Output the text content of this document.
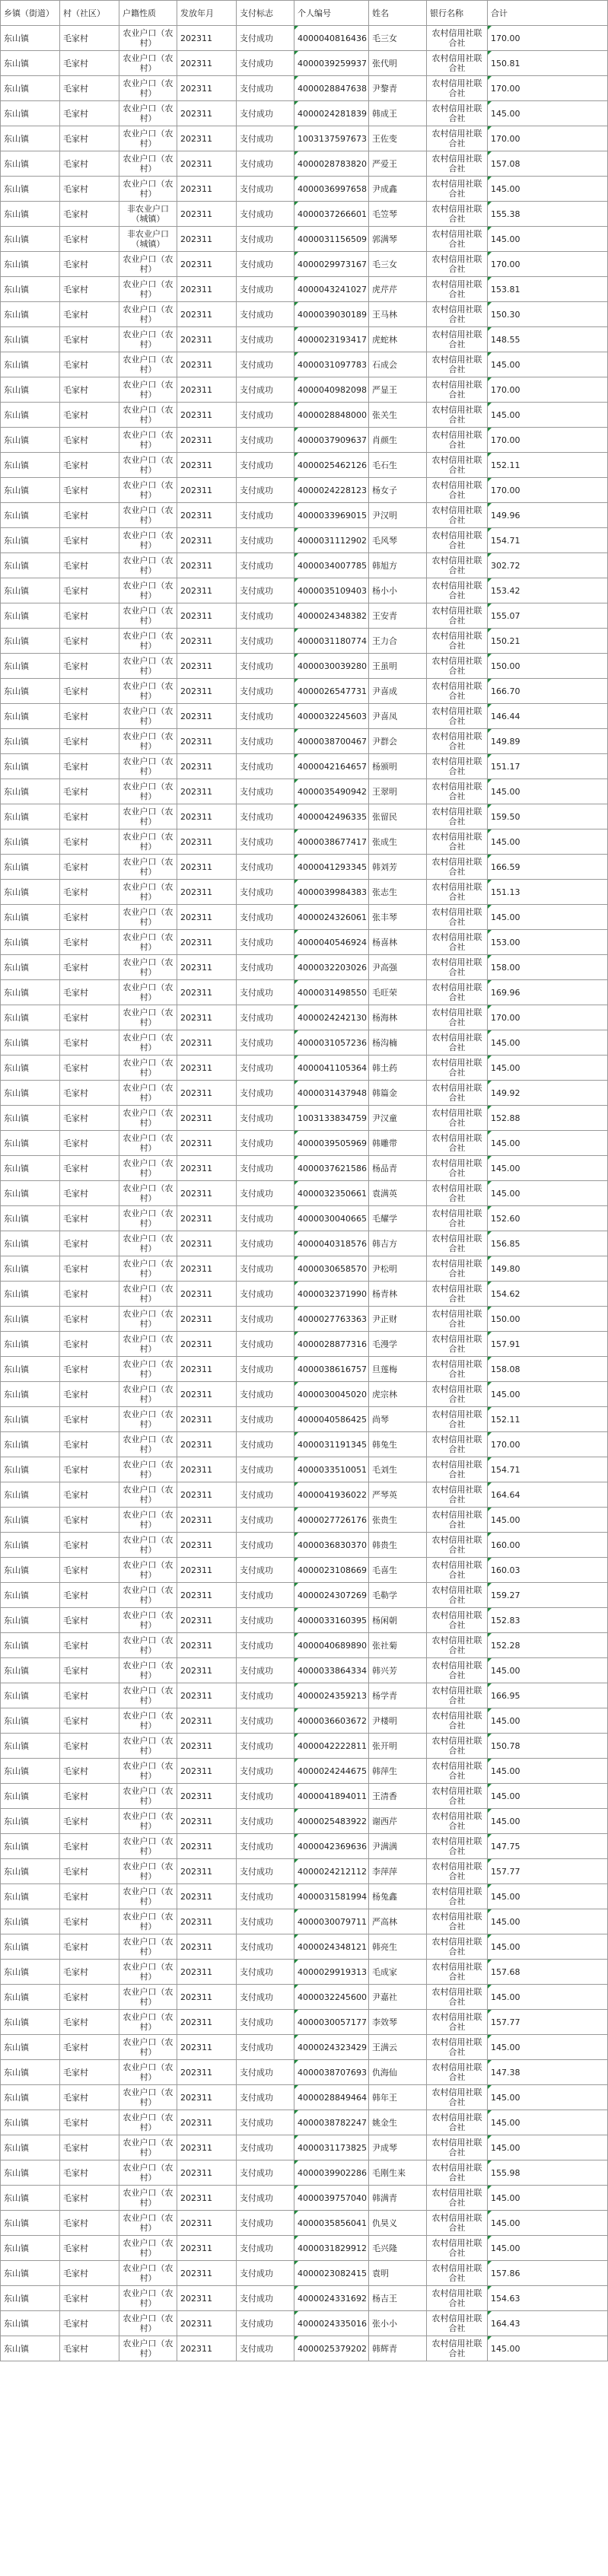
乡镇（街道）	村（社区）	户籍性质	发放年月	支付标志	个人编号	姓名	银行名称	合计
东山镇	毛家村	农业户口（农村）	202311	支付成功	4000040816436	毛三女	农村信用社联合社	170.00
东山镇	毛家村	农业户口（农村）	202311	支付成功	4000039259937	张代明	农村信用社联合社	150.81
东山镇	毛家村	农业户口（农村）	202311	支付成功	4000028847638	尹黎青	农村信用社联合社	170.00
东山镇	毛家村	农业户口（农村）	202311	支付成功	4000024281839	韩成王	农村信用社联合社	145.00
东山镇	毛家村	农业户口（农村）	202311	支付成功	1003137597673	王佐变	农村信用社联合社	170.00
东山镇	毛家村	农业户口（农村）	202311	支付成功	4000028783820	严爱王	农村信用社联合社	157.08
东山镇	毛家村	农业户口（农村）	202311	支付成功	4000036997658	尹成鑫	农村信用社联合社	145.00
东山镇	毛家村	非农业户口（城镇）	202311	支付成功	4000037266601	毛笠琴	农村信用社联合社	155.38
东山镇	毛家村	非农业户口（城镇）	202311	支付成功	4000031156509	郭满琴	农村信用社联合社	145.00
东山镇	毛家村	农业户口（农村）	202311	支付成功	4000029973167	毛三女	农村信用社联合社	170.00
东山镇	毛家村	农业户口（农村）	202311	支付成功	4000043241027	虎芹芹	农村信用社联合社	153.81
东山镇	毛家村	农业户口（农村）	202311	支付成功	4000039030189	王马林	农村信用社联合社	150.30
东山镇	毛家村	农业户口（农村）	202311	支付成功	4000023193417	虎蛇林	农村信用社联合社	148.55
东山镇	毛家村	农业户口（农村）	202311	支付成功	4000031097783	石成会	农村信用社联合社	145.00
东山镇	毛家村	农业户口（农村）	202311	支付成功	4000040982098	严显王	农村信用社联合社	170.00
东山镇	毛家村	农业户口（农村）	202311	支付成功	4000028848000	张关生	农村信用社联合社	145.00
东山镇	毛家村	农业户口（农村）	202311	支付成功	4000037909637	肖颜生	农村信用社联合社	170.00
东山镇	毛家村	农业户口（农村）	202311	支付成功	4000025462126	毛石生	农村信用社联合社	152.11
东山镇	毛家村	农业户口（农村）	202311	支付成功	4000024228123	杨女子	农村信用社联合社	170.00
东山镇	毛家村	农业户口（农村）	202311	支付成功	4000033969015	尹汉明	农村信用社联合社	149.96
东山镇	毛家村	农业户口（农村）	202311	支付成功	4000031112902	毛风琴	农村信用社联合社	154.71
东山镇	毛家村	农业户口（农村）	202311	支付成功	4000034007785	韩旭方	农村信用社联合社	302.72
东山镇	毛家村	农业户口（农村）	202311	支付成功	4000035109403	杨小小	农村信用社联合社	153.42
东山镇	毛家村	农业户口（农村）	202311	支付成功	4000024348382	王安青	农村信用社联合社	155.07
东山镇	毛家村	农业户口（农村）	202311	支付成功	4000031180774	王力合	农村信用社联合社	150.21
东山镇	毛家村	农业户口（农村）	202311	支付成功	4000030039280	王虽明	农村信用社联合社	150.00
东山镇	毛家村	农业户口（农村）	202311	支付成功	4000026547731	尹喜成	农村信用社联合社	166.70
东山镇	毛家村	农业户口（农村）	202311	支付成功	4000032245603	尹喜凤	农村信用社联合社	146.44
东山镇	毛家村	农业户口（农村）	202311	支付成功	4000038700467	尹群会	农村信用社联合社	149.89
东山镇	毛家村	农业户口（农村）	202311	支付成功	4000042164657	杨颁明	农村信用社联合社	151.17
东山镇	毛家村	农业户口（农村）	202311	支付成功	4000035490942	王翠明	农村信用社联合社	145.00
东山镇	毛家村	农业户口（农村）	202311	支付成功	4000042496335	张留民	农村信用社联合社	159.50
东山镇	毛家村	农业户口（农村）	202311	支付成功	4000038677417	张成生	农村信用社联合社	145.00
东山镇	毛家村	农业户口（农村）	202311	支付成功	4000041293345	韩刘芳	农村信用社联合社	166.59
东山镇	毛家村	农业户口（农村）	202311	支付成功	4000039984383	张志生	农村信用社联合社	151.13
东山镇	毛家村	农业户口（农村）	202311	支付成功	4000024326061	张丰琴	农村信用社联合社	145.00
东山镇	毛家村	农业户口（农村）	202311	支付成功	4000040546924	杨喜林	农村信用社联合社	153.00
东山镇	毛家村	农业户口（农村）	202311	支付成功	4000032203026	尹高强	农村信用社联合社	158.00
东山镇	毛家村	农业户口（农村）	202311	支付成功	4000031498550	毛旺荣	农村信用社联合社	169.96
东山镇	毛家村	农业户口（农村）	202311	支付成功	4000024242130	杨海林	农村信用社联合社	170.00
东山镇	毛家村	农业户口（农村）	202311	支付成功	4000031057236	杨沟楠	农村信用社联合社	145.00
东山镇	毛家村	农业户口（农村）	202311	支付成功	4000041105364	韩土药	农村信用社联合社	145.00
东山镇	毛家村	农业户口（农村）	202311	支付成功	4000031437948	韩篇金	农村信用社联合社	149.92
东山镇	毛家村	农业户口（农村）	202311	支付成功	1003133834759	尹汉童	农村信用社联合社	152.88
东山镇	毛家村	农业户口（农村）	202311	支付成功	4000039505969	韩雕带	农村信用社联合社	145.00
东山镇	毛家村	农业户口（农村）	202311	支付成功	4000037621586	杨品青	农村信用社联合社	145.00
东山镇	毛家村	农业户口（农村）	202311	支付成功	4000032350661	袁满英	农村信用社联合社	145.00
东山镇	毛家村	农业户口（农村）	202311	支付成功	4000030040665	毛耀学	农村信用社联合社	152.60
东山镇	毛家村	农业户口（农村）	202311	支付成功	4000040318576	韩吉方	农村信用社联合社	156.85
东山镇	毛家村	农业户口（农村）	202311	支付成功	4000030658570	尹松明	农村信用社联合社	149.80
东山镇	毛家村	农业户口（农村）	202311	支付成功	4000032371990	杨青林	农村信用社联合社	154.62
东山镇	毛家村	农业户口（农村）	202311	支付成功	4000027763363	尹正财	农村信用社联合社	150.00
东山镇	毛家村	农业户口（农村）	202311	支付成功	4000028877316	毛漫学	农村信用社联合社	157.91
东山镇	毛家村	农业户口（农村）	202311	支付成功	4000038616757	旦莲梅	农村信用社联合社	158.08
东山镇	毛家村	农业户口（农村）	202311	支付成功	4000030045020	虎宗林	农村信用社联合社	145.00
东山镇	毛家村	农业户口（农村）	202311	支付成功	4000040586425	尚琴	农村信用社联合社	152.11
东山镇	毛家村	农业户口（农村）	202311	支付成功	4000031191345	韩兔生	农村信用社联合社	170.00
东山镇	毛家村	农业户口（农村）	202311	支付成功	4000033510051	毛刘生	农村信用社联合社	154.71
东山镇	毛家村	农业户口（农村）	202311	支付成功	4000041936022	严琴英	农村信用社联合社	164.64
东山镇	毛家村	农业户口（农村）	202311	支付成功	4000027726176	张贵生	农村信用社联合社	145.00
东山镇	毛家村	农业户口（农村）	202311	支付成功	4000036830370	韩贵生	农村信用社联合社	160.00
东山镇	毛家村	农业户口（农村）	202311	支付成功	4000023108669	毛喜生	农村信用社联合社	160.03
东山镇	毛家村	农业户口（农村）	202311	支付成功	4000024307269	毛勒学	农村信用社联合社	159.27
东山镇	毛家村	农业户口（农村）	202311	支付成功	4000033160395	杨闲朝	农村信用社联合社	152.83
东山镇	毛家村	农业户口（农村）	202311	支付成功	4000040689890	张社菊	农村信用社联合社	152.28
东山镇	毛家村	农业户口（农村）	202311	支付成功	4000033864334	韩兴芳	农村信用社联合社	145.00
东山镇	毛家村	农业户口（农村）	202311	支付成功	4000024359213	杨学青	农村信用社联合社	166.95
东山镇	毛家村	农业户口（农村）	202311	支付成功	4000036603672	尹楼明	农村信用社联合社	145.00
东山镇	毛家村	农业户口（农村）	202311	支付成功	4000042222811	张开明	农村信用社联合社	150.78
东山镇	毛家村	农业户口（农村）	202311	支付成功	4000024244675	韩萍生	农村信用社联合社	145.00
东山镇	毛家村	农业户口（农村）	202311	支付成功	4000041894011	王清香	农村信用社联合社	145.00
东山镇	毛家村	农业户口（农村）	202311	支付成功	4000025483922	谢西芹	农村信用社联合社	145.00
东山镇	毛家村	农业户口（农村）	202311	支付成功	4000042369636	尹满满	农村信用社联合社	147.75
东山镇	毛家村	农业户口（农村）	202311	支付成功	4000024212112	李萍萍	农村信用社联合社	157.77
东山镇	毛家村	农业户口（农村）	202311	支付成功	4000031581994	杨兔鑫	农村信用社联合社	145.00
东山镇	毛家村	农业户口（农村）	202311	支付成功	4000030079711	严高林	农村信用社联合社	145.00
东山镇	毛家村	农业户口（农村）	202311	支付成功	4000024348121	韩亮生	农村信用社联合社	145.00
东山镇	毛家村	农业户口（农村）	202311	支付成功	4000029919313	毛成家	农村信用社联合社	157.68
东山镇	毛家村	农业户口（农村）	202311	支付成功	4000032245600	尹嘉社	农村信用社联合社	145.00
东山镇	毛家村	农业户口（农村）	202311	支付成功	4000030057177	李效琴	农村信用社联合社	157.77
东山镇	毛家村	农业户口（农村）	202311	支付成功	4000024323429	王满云	农村信用社联合社	145.00
东山镇	毛家村	农业户口（农村）	202311	支付成功	4000038707693	仇海仙	农村信用社联合社	147.38
东山镇	毛家村	农业户口（农村）	202311	支付成功	4000028849464	韩年王	农村信用社联合社	145.00
东山镇	毛家村	农业户口（农村）	202311	支付成功	4000038782247	姚金生	农村信用社联合社	145.00
东山镇	毛家村	农业户口（农村）	202311	支付成功	4000031173825	尹成琴	农村信用社联合社	145.00
东山镇	毛家村	农业户口（农村）	202311	支付成功	4000039902286	毛刚生来	农村信用社联合社	155.98
东山镇	毛家村	农业户口（农村）	202311	支付成功	4000039757040	韩满青	农村信用社联合社	145.00
东山镇	毛家村	农业户口（农村）	202311	支付成功	4000035856041	仇昊义	农村信用社联合社	145.00
东山镇	毛家村	农业户口（农村）	202311	支付成功	4000031829912	毛兴隆	农村信用社联合社	145.00
东山镇	毛家村	农业户口（农村）	202311	支付成功	4000023082415	袁明	农村信用社联合社	157.86
东山镇	毛家村	农业户口（农村）	202311	支付成功	4000024331692	杨吉王	农村信用社联合社	154.63
东山镇	毛家村	农业户口（农村）	202311	支付成功	4000024335016	张小小	农村信用社联合社	164.43
东山镇	毛家村	农业户口（农村）	202311	支付成功	4000025379202	韩辉青	农村信用社联合社	145.00
